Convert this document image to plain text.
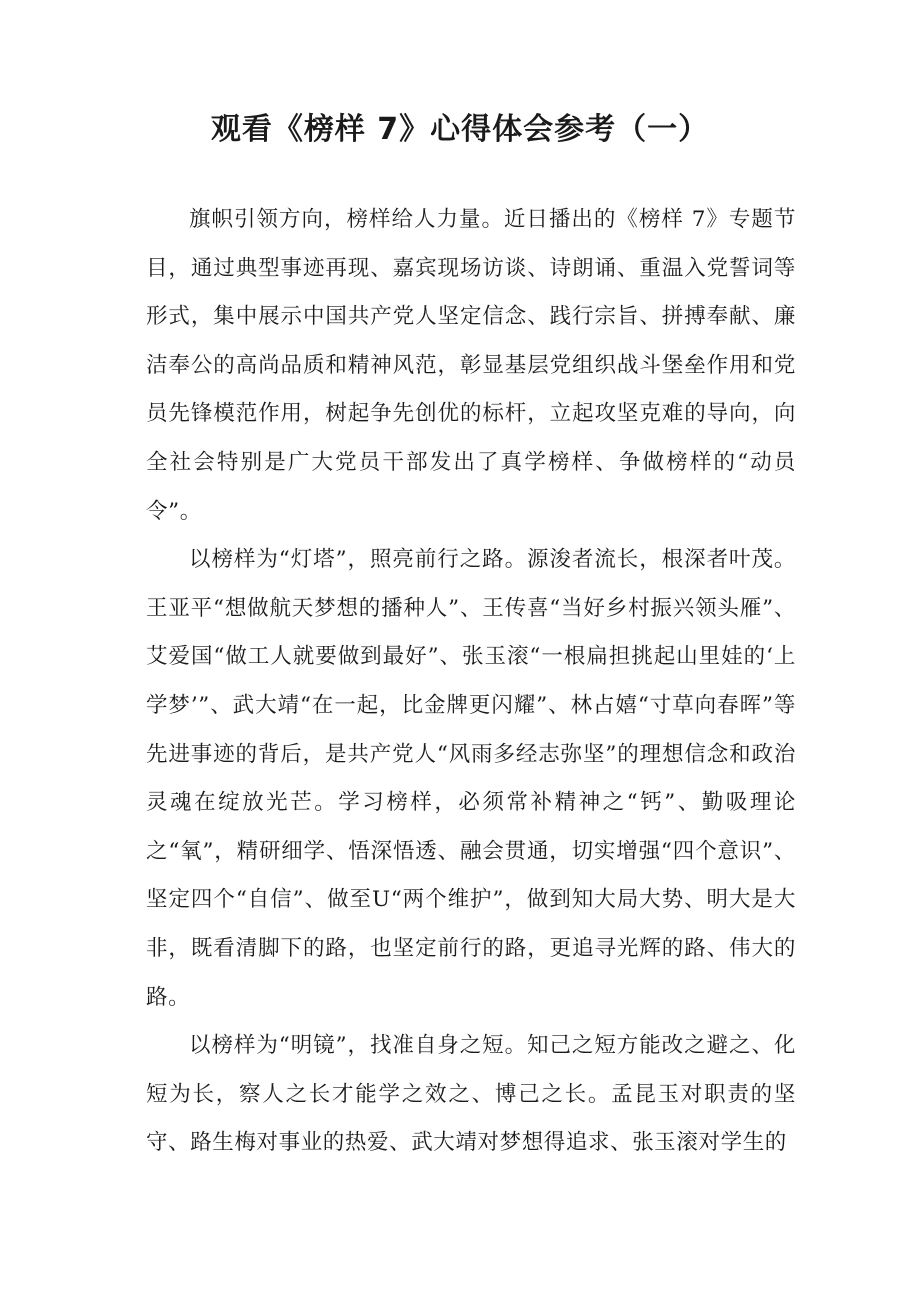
观看《榜样 7》心得体会参考（一）

旗帜引领方向，榜样给人力量。近日播出的《榜样 7》专题节目，通过典型事迹再现、嘉宾现场访谈、诗朗诵、重温入党誓词等形式，集中展示中国共产党人坚定信念、践行宗旨、拼搏奉献、廉洁奉公的高尚品质和精神风范，彰显基层党组织战斗堡垒作用和党员先锋模范作用，树起争先创优的标杆，立起攻坚克难的导向，向全社会特别是广大党员干部发出了真学榜样、争做榜样的“动员令”。

以榜样为“灯塔”，照亮前行之路。源浚者流长，根深者叶茂。王亚平“想做航天梦想的播种人”、王传喜“当好乡村振兴领头雁”、艾爱国“做工人就要做到最好”、张玉滚“一根扁担挑起山里娃的‘上学梦’”、武大靖“在一起，比金牌更闪耀”、林占嬉“寸草向春晖”等先进事迹的背后，是共产党人“风雨多经志弥坚”的理想信念和政治灵魂在绽放光芒。学习榜样，必须常补精神之“钙”、勤吸理论之“氧”，精研细学、悟深悟透、融会贯通，切实增强“四个意识”、坚定四个“自信”、做至U“两个维护”，做到知大局大势、明大是大非，既看清脚下的路，也坚定前行的路，更追寻光辉的路、伟大的路。

以榜样为“明镜”，找准自身之短。知己之短方能改之避之、化短为长，察人之长才能学之效之、博己之长。孟昆玉对职责的坚守、路生梅对事业的热爱、武大靖对梦想得追求、张玉滚对学生的
